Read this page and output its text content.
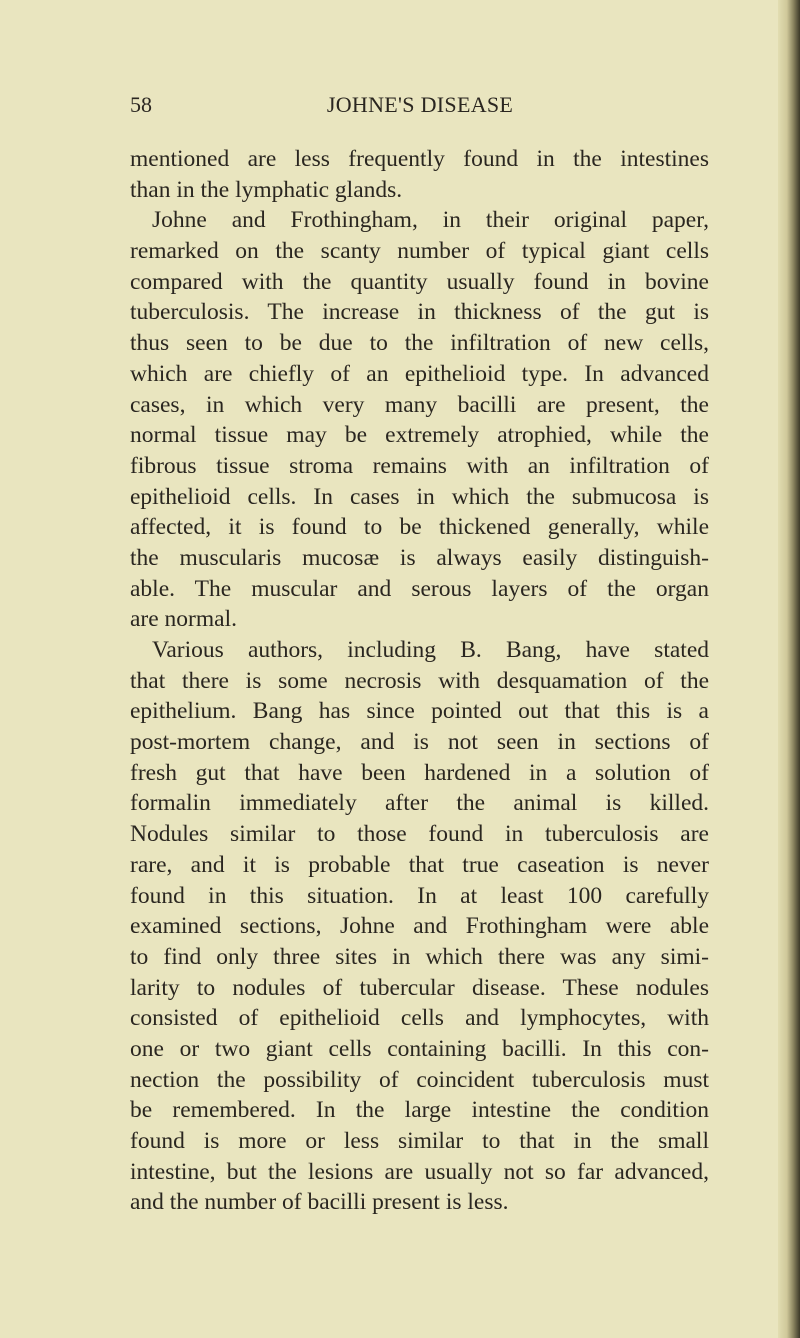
58	JOHNE'S DISEASE
mentioned are less frequently found in the intestines
than in the lymphatic glands.
Johne and Frothingham, in their original paper,
remarked on the scanty number of typical giant cells
compared with the quantity usually found in bovine
tuberculosis. The increase in thickness of the gut is
thus seen to be due to the infiltration of new cells,
which are chiefly of an epithelioid type. In advanced
cases, in which very many bacilli are present, the
normal tissue may be extremely atrophied, while the
fibrous tissue stroma remains with an infiltration of
epithelioid cells. In cases in which the submucosa is
affected, it is found to be thickened generally, while
the muscularis mucosæ is always easily distinguish-
able. The muscular and serous layers of the organ
are normal.
Various authors, including B. Bang, have stated
that there is some necrosis with desquamation of the
epithelium. Bang has since pointed out that this is a
post-mortem change, and is not seen in sections of
fresh gut that have been hardened in a solution of
formalin immediately after the animal is killed.
Nodules similar to those found in tuberculosis are
rare, and it is probable that true caseation is never
found in this situation. In at least 100 carefully
examined sections, Johne and Frothingham were able
to find only three sites in which there was any simi-
larity to nodules of tubercular disease. These nodules
consisted of epithelioid cells and lymphocytes, with
one or two giant cells containing bacilli. In this con-
nection the possibility of coincident tuberculosis must
be remembered. In the large intestine the condition
found is more or less similar to that in the small
intestine, but the lesions are usually not so far advanced,
and the number of bacilli present is less.
